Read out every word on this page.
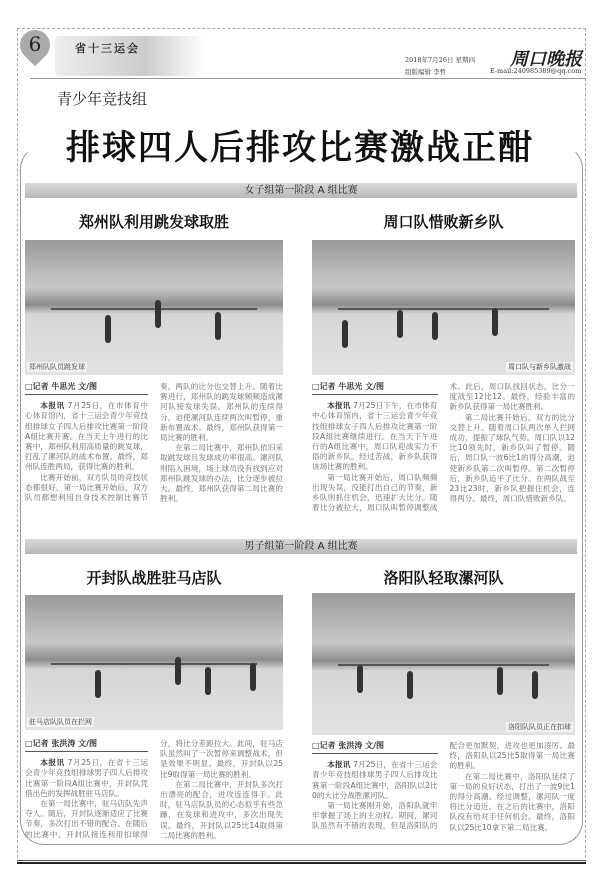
6	省十三运会
2018年7月26日 星期四 周口晚报
组版编辑 李哲	E-mail:240985389@qq.com
青少年竞技组
排球四人后排攻比赛激战正酣
男子组第一阶段 A 组比赛
女子组第一阶段 A 组比赛
郑州队利用跳发球取胜	周口队惜败新乡队
郑州队队员跳发球	周口队与新乡队激战

□记者 牛思光 文/图

本报讯 7月25日，在市体育中心体育馆内，省十三运会青少年竞技组排球女子四人后排攻比赛第一阶段A组比赛开赛。在当天上午进行的比赛中，郑州队利用高质量的跳发球，打乱了漯河队的战术布置。最终，郑州队连胜两局，获得比赛的胜利。

比赛开始前，双方队员的竞技状态都很好。第一局比赛开始后，双方队员都想利用自身技术控制比赛节奏，两队的比分也交替上升。随着比赛进行，郑州队的跳发球频频造成漯河队接发球失误。郑州队的连续得分，迫使漯河队连续两次叫暂停，重新布置战术。最终，郑州队获得第一局比赛的胜利。

在第二局比赛中，郑州队依旧采取跳发球且发球成功率很高。漯河队则陷入困境，场上球员没有找到应对郑州队跳发球的办法，比分逐步被拉大。最终，郑州队获得第二局比赛的胜利。

□记者 牛思光 文/图

本报讯 7月25日下午，在市体育中心体育馆内，省十三运会青少年竞技组排球女子四人后排攻比赛第一阶段A组比赛继续进行。在当天下午进行的A组比赛中，周口队迎战实力不俗的新乡队。经过苦战，新乡队获得该场比赛的胜利。

第一局比赛开始后，周口队频频出现失误，没能打出自己的节奏，新乡队则抓住机会，迅速扩大比分。随着比分被拉大，周口队叫暂停调整战术。此后，周口队找回状态，比分一度战至12比12。最终，经验丰富的新乡队获得第一局比赛胜利。

第二局比赛开始后，双方的比分交替上升。随着周口队两次单人拦网成功，提振了球队气势。周口队以12比10领先时，新乡队叫了暂停。随后，周口队一波6比1的得分高潮，迫使新乡队第二次叫暂停。第二次暂停后，新乡队追平了比分。在两队战至23比23时，新乡队把握住机会，连得两分。最终，周口队惜败新乡队。

开封队战胜驻马店队	洛阳队轻取漯河队
驻马店队队员在拦网
洛阳队队员正在扣球

□记者 张洪涛 文/图

本报讯 7月25日，在省十三运会青少年竞技组排球男子四人后排攻比赛第一阶段A组比赛中，开封队凭借出色的发挥战胜驻马店队。

在第一局比赛中，驻马店队先声夺人。随后，开封队逐渐适应了比赛节奏，多次打出不错的配合。在随后的比赛中，开封队接连利用扣球得分，将比分差距拉大。此间，驻马店队虽然叫了一次暂停来调整战术，但是效果不明显。最终，开封队以25比9取得第一局比赛的胜利。

在第二局比赛中，开封队多次打出漂亮的配合，进攻连连得手。此时，驻马店队队员的心态似乎有些急躁，在发球和进攻中，多次出现失误。最终，开封队以25比14取得第二局比赛的胜利。

□记者 张洪涛 文/图

本报讯 7月25日，在省十三运会青少年竞技组排球男子四人后排攻比赛第一阶段A组比赛中，洛阳队以2比0的大比分战胜漯河队。

第一局比赛刚开始，洛阳队就牢牢掌握了场上的主动权。期间，漯河队虽然有不错的表现，但是洛阳队的配合更加默契，进攻也更加凌厉。最终，洛阳队以25比5取得第一局比赛的胜利。

在第二局比赛中，洛阳队延续了第一局的良好状态，打出了一波9比1的得分高潮。经过调整，漯河队一度将比分追近。在之后的比赛中，洛阳队没有给对手任何机会。最终，洛阳队以25比10拿下第二局比赛。
